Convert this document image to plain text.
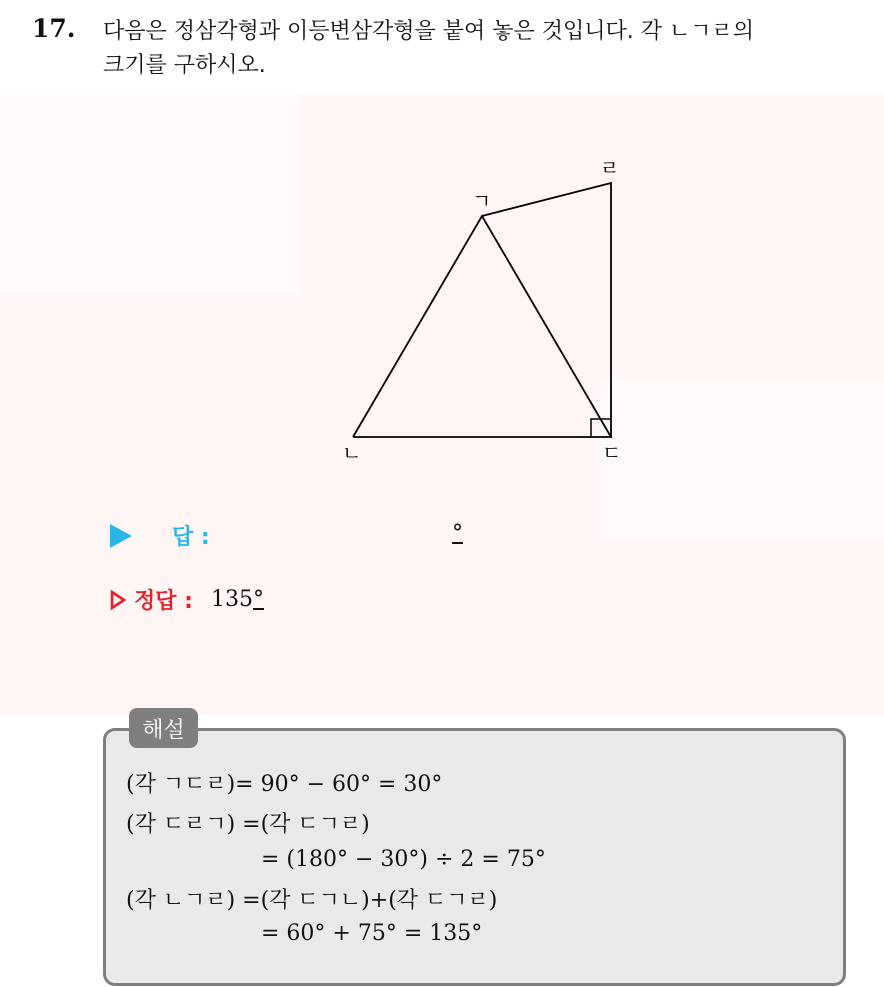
17. 다음은 정삼각형과 이등변삼각형을 붙여 놓은 것입니다. 각 ㄴㄱㄹ의
크기를 구하시오.
ㄱ
ㄹ
ㄴ	ㄷ
답 :	°
정답 : 135°
(각 ㄱㄷㄹ)= 90° − 60° = 30°
(각 ㄷㄹㄱ) =(각 ㄷㄱㄹ)
= (180° − 30°) ÷ 2 = 75°
(각 ㄴㄱㄹ) =(각 ㄷㄱㄴ)+(각 ㄷㄱㄹ)
= 60° + 75° = 135°
해설
